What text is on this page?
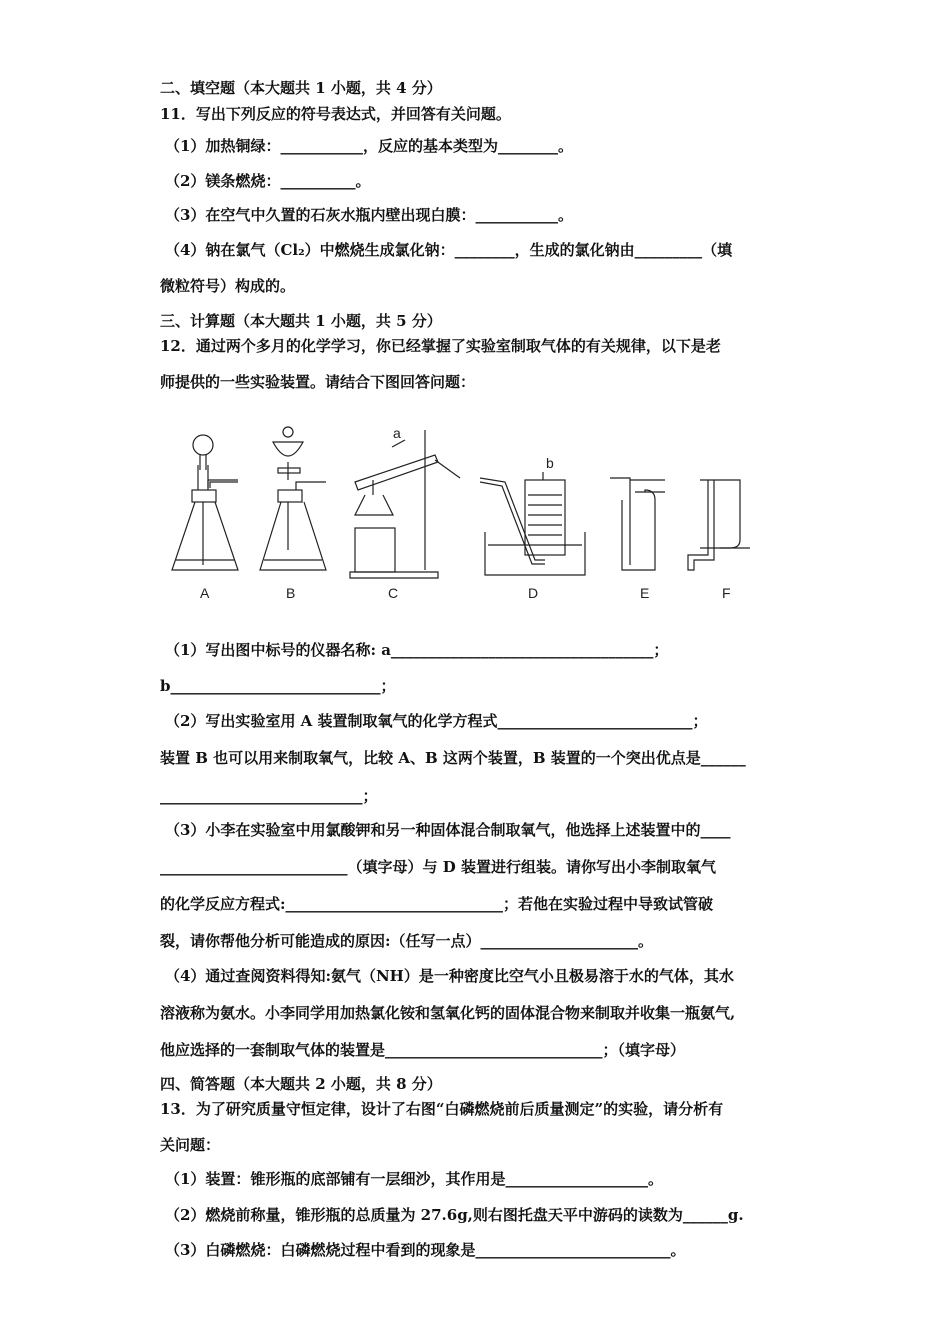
二、填空题（本大题共 1 小题，共 4 分）
11．写出下列反应的符号表达式，并回答有关问题。
（1）加热铜绿：___________，反应的基本类型为________。
（2）镁条燃烧：__________。
（3）在空气中久置的石灰水瓶内壁出现白膜：___________。
（4）钠在氯气（Cl₂）中燃烧生成氯化钠：________，生成的氯化钠由_________（填
微粒符号）构成的。
三、计算题（本大题共 1 小题，共 5 分）
12．通过两个多月的化学学习，你已经掌握了实验室制取气体的有关规律，以下是老
师提供的一些实验装置。请结合下图回答问题：
a
b
A	B	C	D	E	F
（1）写出图中标号的仪器名称: a___________________________________；
b____________________________；
（2）写出实验室用 A 装置制取氧气的化学方程式__________________________；
装置 B 也可以用来制取氧气，比较 A、B 这两个装置，B 装置的一个突出优点是______
___________________________；
（3）小李在实验室中用氯酸钾和另一种固体混合制取氧气，他选择上述装置中的____
_________________________（填字母）与 D 装置进行组装。请你写出小李制取氧气
的化学反应方程式:_____________________________；若他在实验过程中导致试管破
裂，请你帮他分析可能造成的原因:（任写一点）_____________________。
（4）通过查阅资料得知:氨气（NH）是一种密度比空气小且极易溶于水的气体，其水
溶液称为氨水。小李同学用加热氯化铵和氢氧化钙的固体混合物来制取并收集一瓶氨气,
他应选择的一套制取气体的装置是_____________________________；（填字母）
四、简答题（本大题共 2 小题，共 8 分）
13．为了研究质量守恒定律，设计了右图“白磷燃烧前后质量测定”的实验，请分析有
关问题：
（1）装置：锥形瓶的底部铺有一层细沙，其作用是___________________。
（2）燃烧前称量，锥形瓶的总质量为 27.6g,则右图托盘天平中游码的读数为______g.
（3）白磷燃烧：白磷燃烧过程中看到的现象是__________________________。
